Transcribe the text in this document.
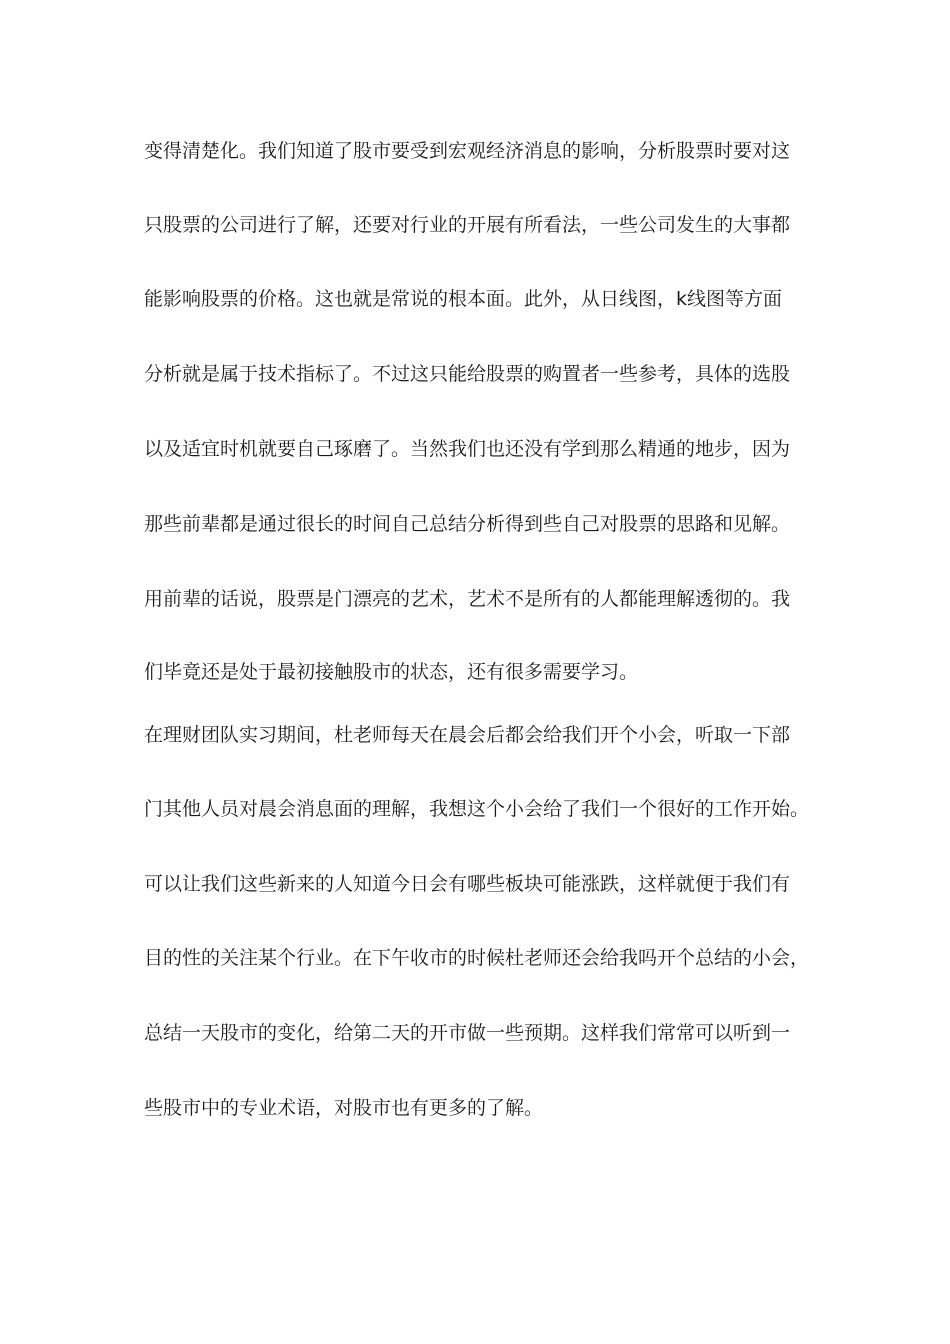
变得清楚化。我们知道了股市要受到宏观经济消息的影响，分析股票时要对这
只股票的公司进行了解，还要对行业的开展有所看法，一些公司发生的大事都
能影响股票的价格。这也就是常说的根本面。此外，从日线图，k线图等方面
分析就是属于技术指标了。不过这只能给股票的购置者一些参考，具体的选股
以及适宜时机就要自己琢磨了。当然我们也还没有学到那么精通的地步，因为
那些前辈都是通过很长的时间自己总结分析得到些自己对股票的思路和见解。
用前辈的话说，股票是门漂亮的艺术，艺术不是所有的人都能理解透彻的。我
们毕竟还是处于最初接触股市的状态，还有很多需要学习。
在理财团队实习期间，杜老师每天在晨会后都会给我们开个小会，听取一下部
门其他人员对晨会消息面的理解，我想这个小会给了我们一个很好的工作开始。
可以让我们这些新来的人知道今日会有哪些板块可能涨跌，这样就便于我们有
目的性的关注某个行业。在下午收市的时候杜老师还会给我吗开个总结的小会，
总结一天股市的变化，给第二天的开市做一些预期。这样我们常常可以听到一
些股市中的专业术语，对股市也有更多的了解。
